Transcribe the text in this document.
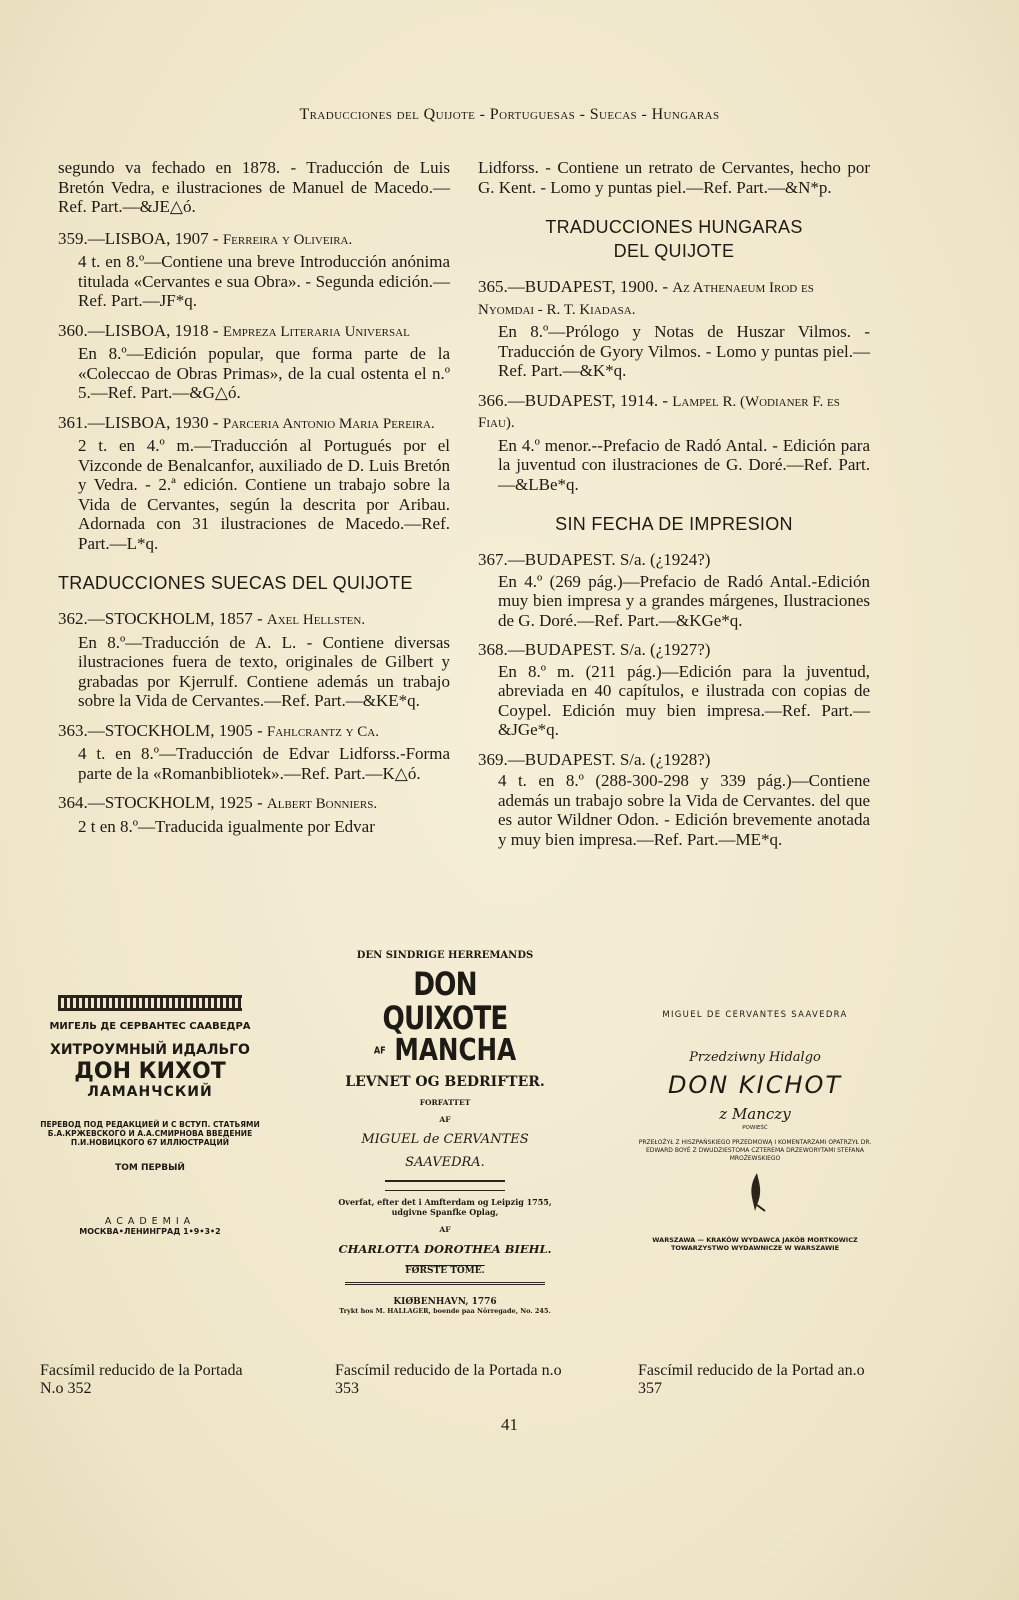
Traducciones del Quijote - Portuguesas - Suecas - Hungaras

segundo va fechado en 1878. - Traducción de Luis Bretón Vedra, e ilustraciones de Manuel de Macedo.—Ref. Part.—&JE△ó.

359.—LISBOA, 1907 - Ferreira y Oliveira.

4 t. en 8.º—Contiene una breve Introducción anónima titulada «Cervantes e sua Obra». - Segunda edición.—Ref. Part.—JF*q.

360.—LISBOA, 1918 - Empreza Literaria Universal

En 8.º—Edición popular, que forma parte de la «Coleccao de Obras Primas», de la cual ostenta el n.º 5.—Ref. Part.—&G△ó.

361.—LISBOA, 1930 - Parceria Antonio Maria Pereira.

2 t. en 4.º m.—Traducción al Portugués por el Vizconde de Benalcanfor, auxiliado de D. Luis Bretón y Vedra. - 2.ª edición. Contiene un trabajo sobre la Vida de Cervantes, según la descrita por Aribau. Adornada con 31 ilustraciones de Macedo.—Ref. Part.—L*q.

TRADUCCIONES SUECAS DEL QUIJOTE

362.—STOCKHOLM, 1857 - Axel Hellsten.

En 8.º—Traducción de A. L. - Contiene diversas ilustraciones fuera de texto, originales de Gilbert y grabadas por Kjerrulf. Contiene además un trabajo sobre la Vida de Cervantes.—Ref. Part.—&KE*q.

363.—STOCKHOLM, 1905 - Fahlcrantz y Ca.

4 t. en 8.º—Traducción de Edvar Lidforss.-Forma parte de la «Romanbibliotek».—Ref. Part.—K△ó.

364.—STOCKHOLM, 1925 - Albert Bonniers.

2 t en 8.º—Traducida igualmente por Edvar

Lidforss. - Contiene un retrato de Cervantes, hecho por G. Kent. - Lomo y puntas piel.—Ref. Part.—&N*p.

TRADUCCIONES HUNGARAS
DEL QUIJOTE

365.—BUDAPEST, 1900. - Az Athenaeum Irod es Nyomdai - R. T. Kiadasa.

En 8.º—Prólogo y Notas de Huszar Vilmos. - Traducción de Gyory Vilmos. - Lomo y puntas piel.—Ref. Part.—&K*q.

366.—BUDAPEST, 1914. - Lampel R. (Wodianer F. es Fiau).

En 4.º menor.--Prefacio de Radó Antal. - Edición para la juventud con ilustraciones de G. Doré.—Ref. Part.—&LBe*q.

SIN FECHA DE IMPRESION

367.—BUDAPEST. S/a. (¿1924?)

En 4.º (269 pág.)—Prefacio de Radó Antal.-Edición muy bien impresa y a grandes márgenes, Ilustraciones de G. Doré.—Ref. Part.—&KGe*q.

368.—BUDAPEST. S/a. (¿1927?)

En 8.º m. (211 pág.)—Edición para la juventud, abreviada en 40 capítulos, e ilustrada con copias de Coypel. Edición muy bien impresa.—Ref. Part.—&JGe*q.

369.—BUDAPEST. S/a. (¿1928?)

4 t. en 8.º (288-300-298 y 339 pág.)—Contiene además un trabajo sobre la Vida de Cervantes. del que es autor Wildner Odon. - Edición brevemente anotada y muy bien impresa.—Ref. Part.—ME*q.

МИГЕЛЬ ДЕ СЕРВАНТЕС СААВЕДРА
ХИТРОУМНЫЙ ИДАЛЬГО
ДОН КИХОТ
ЛАМАНЧСКИЙ
ПЕРЕВОД ПОД РЕДАКЦИЕЙ И С ВСТУП. СТАТЬЯМИ Б.А.КРЖЕВСКОГО И А.А.СМИРНОВА ВВЕДЕНИЕ П.И.НОВИЦКОГО 67 ИЛЛЮСТРАЦИЙ
ТОМ ПЕРВЫЙ
ACADEMIA
МОСКВА•ЛЕНИНГРАД 1•9•3•2
Facsímil reducido de la Portada N.o 352
DEN SINDRIGE HERREMANDS
DON QUIXOTE
AF MANCHA
LEVNET OG BEDRIFTER.
FORFATTET
AF
MIGUEL de CERVANTES
SAAVEDRA.
Overfat, efter det i Amfterdam og Leipzig 1755, udgivne Spanfke Oplag,
AF
CHARLOTTA DOROTHEA BIEHL.
FØRSTE TOME.
KIØBENHAVN, 1776
Trykt hos M. HALLAGER, boende paa Nörregade, No. 245.
Fascímil reducido de la Portada n.o 353
MIGUEL DE CERVANTES SAAVEDRA
Przedziwny Hidalgo
DON KICHOT
z Manczy
POWIEŚĆ
PRZEŁOŻYŁ Z HISZPAŃSKIEGO PRZEDMOWĄ I KOMENTARZAMI OPATRZYŁ DR. EDWARD BOYÉ Z DWUDZIESTOMA CZTEREMA DRZEWORYTAMI STEFANA MROŻEWSKIEGO
WARSZAWA — KRAKÓW WYDAWCA JAKÓB MORTKOWICZ TOWARZYSTWO WYDAWNICZE W WARSZAWIE
Fascímil reducido de la Portad an.o 357
41
